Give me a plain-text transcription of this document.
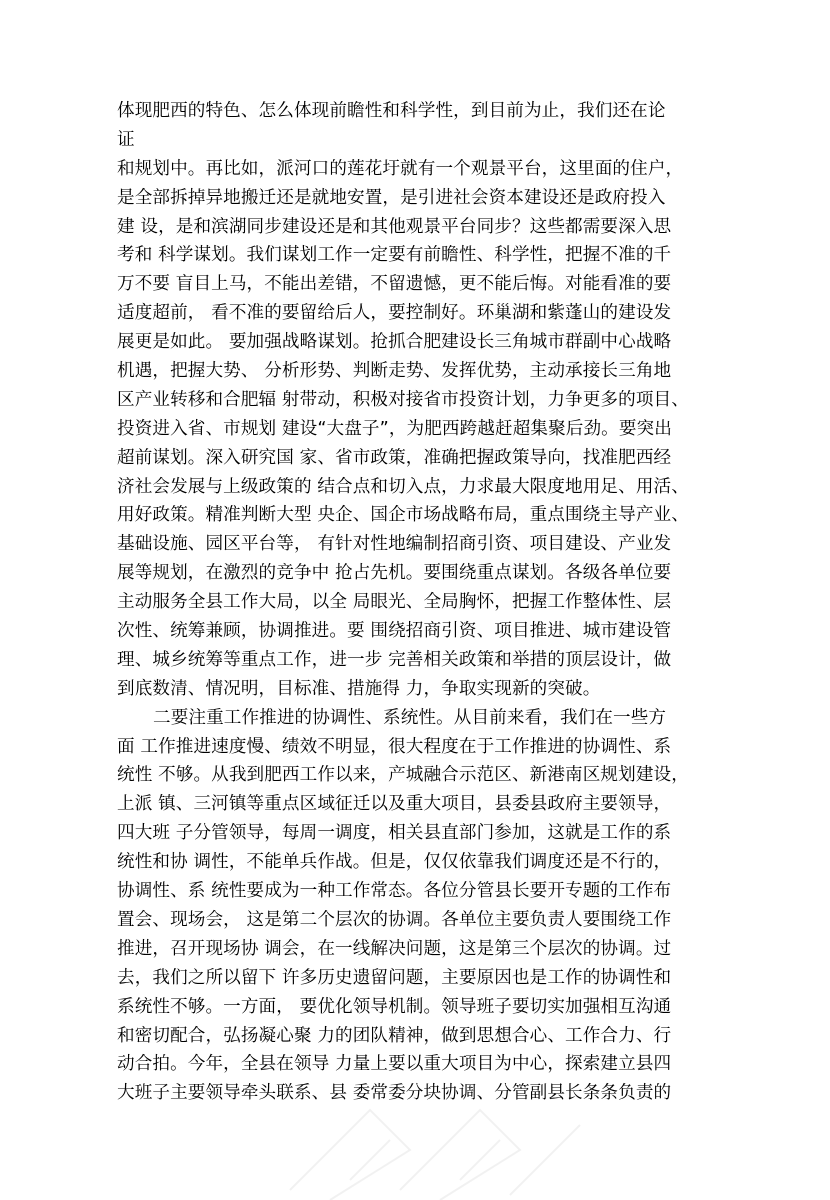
体现肥西的特色、怎么体现前瞻性和科学性，到目前为止，我们还在论
证
和规划中。再比如，派河口的莲花圩就有一个观景平台，这里面的住户，
是全部拆掉异地搬迁还是就地安置，是引进社会资本建设还是政府投入
建 设，是和滨湖同步建设还是和其他观景平台同步？这些都需要深入思
考和 科学谋划。我们谋划工作一定要有前瞻性、科学性，把握不准的千
万不要 盲目上马，不能出差错，不留遗憾，更不能后悔。对能看准的要
适度超前， 看不准的要留给后人，要控制好。环巢湖和紫蓬山的建设发
展更是如此。 要加强战略谋划。抢抓合肥建设长三角城市群副中心战略
机遇，把握大势、 分析形势、判断走势、发挥优势，主动承接长三角地
区产业转移和合肥辐 射带动，积极对接省市投资计划，力争更多的项目、
投资进入省、市规划 建设“大盘子”，为肥西跨越赶超集聚后劲。要突出
超前谋划。深入研究国 家、省市政策，准确把握政策导向，找准肥西经
济社会发展与上级政策的 结合点和切入点，力求最大限度地用足、用活、
用好政策。精准判断大型 央企、国企市场战略布局，重点围绕主导产业、
基础设施、园区平台等， 有针对性地编制招商引资、项目建设、产业发
展等规划，在激烈的竞争中 抢占先机。要围绕重点谋划。各级各单位要
主动服务全县工作大局，以全 局眼光、全局胸怀，把握工作整体性、层
次性、统筹兼顾，协调推进。要 围绕招商引资、项目推进、城市建设管
理、城乡统筹等重点工作，进一步 完善相关政策和举措的顶层设计，做
到底数清、情况明，目标准、措施得 力，争取实现新的突破。
二要注重工作推进的协调性、系统性。从目前来看，我们在一些方
面 工作推进速度慢、绩效不明显，很大程度在于工作推进的协调性、系
统性 不够。从我到肥西工作以来，产城融合示范区、新港南区规划建设，
上派 镇、三河镇等重点区域征迁以及重大项目，县委县政府主要领导，
四大班 子分管领导，每周一调度，相关县直部门参加，这就是工作的系
统性和协 调性，不能单兵作战。但是，仅仅依靠我们调度还是不行的，
协调性、系 统性要成为一种工作常态。各位分管县长要开专题的工作布
置会、现场会， 这是第二个层次的协调。各单位主要负责人要围绕工作
推进，召开现场协 调会，在一线解决问题，这是第三个层次的协调。过
去，我们之所以留下 许多历史遗留问题，主要原因也是工作的协调性和
系统性不够。一方面， 要优化领导机制。领导班子要切实加强相互沟通
和密切配合，弘扬凝心聚 力的团队精神，做到思想合心、工作合力、行
动合拍。今年，全县在领导 力量上要以重大项目为中心，探索建立县四
大班子主要领导牵头联系、县 委常委分块协调、分管副县长条条负责的
